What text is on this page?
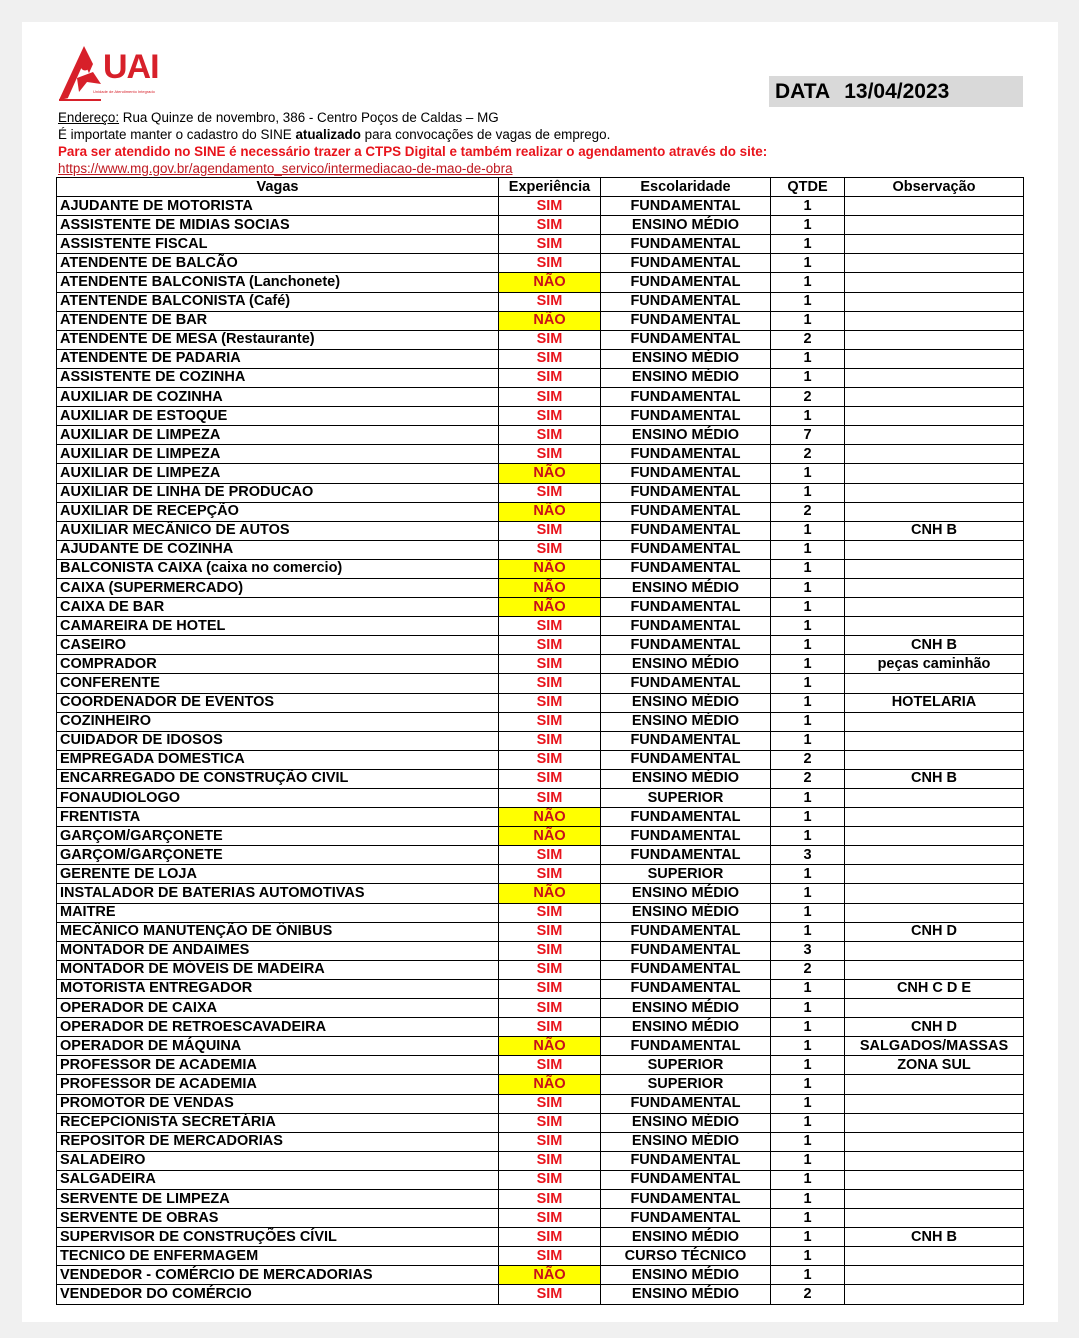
UAI
Unidade de Atendimento Integrado	DATA 13/04/2023
Endereço: Rua Quinze de novembro, 386 - Centro Poços de Caldas – MG
É importate manter o cadastro do SINE atualizado para convocações de vagas de emprego.
Para ser atendido no SINE é necessário trazer a CTPS Digital e também realizar o agendamento através do site:
https://www.mg.gov.br/agendamento_servico/intermediacao-de-mao-de-obra
Vagas	Experiência	Escolaridade	QTDE	Observação
AJUDANTE DE MOTORISTA	SIM	FUNDAMENTAL	1	
ASSISTENTE DE MIDIAS SOCIAS	SIM	ENSINO MÉDIO	1	
ASSISTENTE FISCAL	SIM	FUNDAMENTAL	1	
ATENDENTE DE BALCÃO	SIM	FUNDAMENTAL	1	
ATENDENTE BALCONISTA (Lanchonete)	NÃO	FUNDAMENTAL	1	
ATENTENDE BALCONISTA (Café)	SIM	FUNDAMENTAL	1	
ATENDENTE DE BAR	NÃO	FUNDAMENTAL	1	
ATENDENTE DE MESA (Restaurante)	SIM	FUNDAMENTAL	2	
ATENDENTE DE PADARIA	SIM	ENSINO MÉDIO	1	
ASSISTENTE DE COZINHA	SIM	ENSINO MÉDIO	1	
AUXILIAR DE COZINHA	SIM	FUNDAMENTAL	2	
AUXILIAR DE ESTOQUE	SIM	FUNDAMENTAL	1	
AUXILIAR DE LIMPEZA	SIM	ENSINO MÉDIO	7	
AUXILIAR DE LIMPEZA	SIM	FUNDAMENTAL	2	
AUXILIAR DE LIMPEZA	NÃO	FUNDAMENTAL	1	
AUXILIAR DE LINHA DE PRODUCAO	SIM	FUNDAMENTAL	1	
AUXILIAR DE RECEPÇÃO	NÃO	FUNDAMENTAL	2	
AUXILIAR MECÂNICO DE AUTOS	SIM	FUNDAMENTAL	1	CNH B
AJUDANTE DE COZINHA	SIM	FUNDAMENTAL	1	
BALCONISTA CAIXA (caixa no comercio)	NÃO	FUNDAMENTAL	1	
CAIXA (SUPERMERCADO)	NÃO	ENSINO MÉDIO	1	
CAIXA DE BAR	NÃO	FUNDAMENTAL	1	
CAMAREIRA DE HOTEL	SIM	FUNDAMENTAL	1	
CASEIRO	SIM	FUNDAMENTAL	1	CNH B
COMPRADOR	SIM	ENSINO MÉDIO	1	peças caminhão
CONFERENTE	SIM	FUNDAMENTAL	1	
COORDENADOR DE EVENTOS	SIM	ENSINO MÉDIO	1	HOTELARIA
COZINHEIRO	SIM	ENSINO MÉDIO	1	
CUIDADOR DE IDOSOS	SIM	FUNDAMENTAL	1	
EMPREGADA DOMESTICA	SIM	FUNDAMENTAL	2	
ENCARREGADO DE CONSTRUÇÃO CIVIL	SIM	ENSINO MÉDIO	2	CNH B
FONAUDIOLOGO	SIM	SUPERIOR	1	
FRENTISTA	NÃO	FUNDAMENTAL	1	
GARÇOM/GARÇONETE	NÃO	FUNDAMENTAL	1	
GARÇOM/GARÇONETE	SIM	FUNDAMENTAL	3	
GERENTE DE LOJA	SIM	SUPERIOR	1	
INSTALADOR DE BATERIAS AUTOMOTIVAS	NÃO	ENSINO MÉDIO	1	
MAITRE	SIM	ENSINO MÉDIO	1	
MECÂNICO MANUTENÇÃO DE ÔNIBUS	SIM	FUNDAMENTAL	1	CNH D
MONTADOR DE ANDAIMES	SIM	FUNDAMENTAL	3	
MONTADOR DE MÓVEIS DE MADEIRA	SIM	FUNDAMENTAL	2	
MOTORISTA ENTREGADOR	SIM	FUNDAMENTAL	1	CNH C D E
OPERADOR DE CAIXA	SIM	ENSINO MÉDIO	1	
OPERADOR DE RETROESCAVADEIRA	SIM	ENSINO MÉDIO	1	CNH D
OPERADOR DE MÁQUINA	NÃO	FUNDAMENTAL	1	SALGADOS/MASSAS
PROFESSOR DE ACADEMIA	SIM	SUPERIOR	1	ZONA SUL
PROFESSOR DE ACADEMIA	NÃO	SUPERIOR	1	
PROMOTOR DE VENDAS	SIM	FUNDAMENTAL	1	
RECEPCIONISTA SECRETÁRIA	SIM	ENSINO MÉDIO	1	
REPOSITOR DE MERCADORIAS	SIM	ENSINO MÉDIO	1	
SALADEIRO	SIM	FUNDAMENTAL	1	
SALGADEIRA	SIM	FUNDAMENTAL	1	
SERVENTE DE LIMPEZA	SIM	FUNDAMENTAL	1	
SERVENTE DE OBRAS	SIM	FUNDAMENTAL	1	
SUPERVISOR DE CONSTRUÇÕES CÍVIL	SIM	ENSINO MÉDIO	1	CNH B
TECNICO DE ENFERMAGEM	SIM	CURSO TÉCNICO	1	
VENDEDOR - COMÉRCIO DE MERCADORIAS	NÃO	ENSINO MÉDIO	1	
VENDEDOR DO COMÉRCIO	SIM	ENSINO MÉDIO	2	
